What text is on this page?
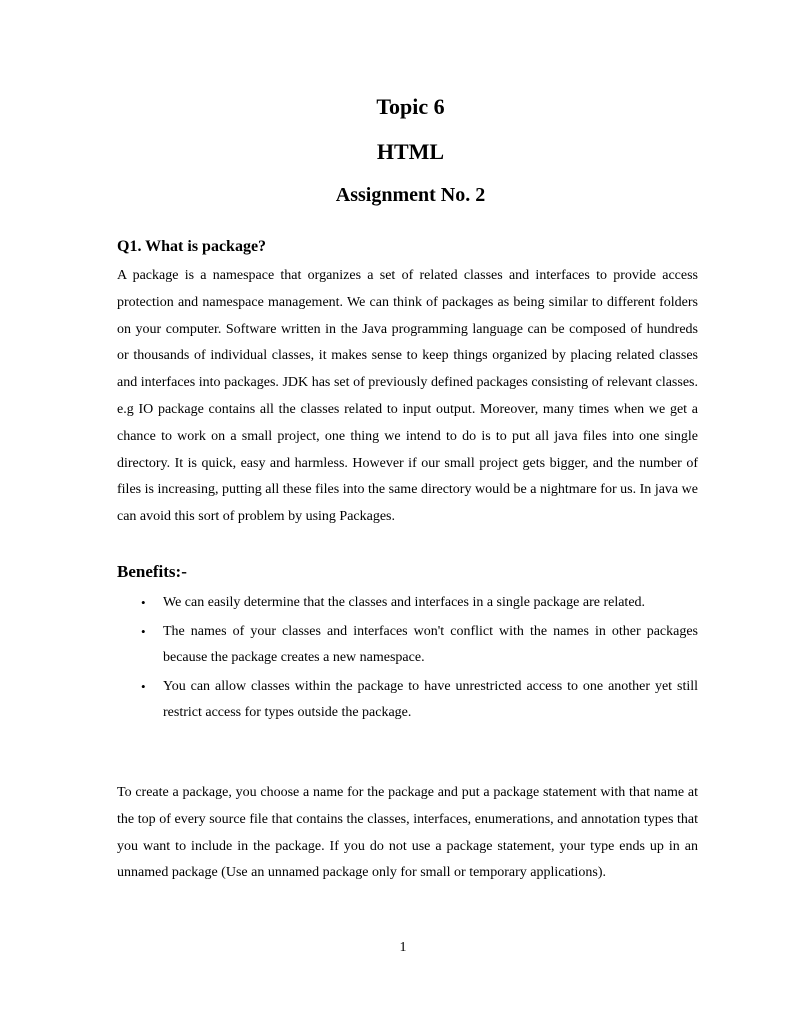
Topic 6
HTML
Assignment No. 2
Q1. What is package?

A package is a namespace that organizes a set of related classes and interfaces to provide access protection and namespace management. We can think of packages as being similar to different folders on your computer. Software written in the Java programming language can be composed of hundreds or thousands of individual classes, it makes sense to keep things organized by placing related classes and interfaces into packages. JDK has set of previously defined packages consisting of relevant classes. e.g IO package contains all the classes related to input output. Moreover, many times when we get a chance to work on a small project, one thing we intend to do is to put all java files into one single directory. It is quick, easy and harmless. However if our small project gets bigger, and the number of files is increasing, putting all these files into the same directory would be a nightmare for us. In java we can avoid this sort of problem by using Packages.

Benefits:-
• We can easily determine that the classes and interfaces in a single package are related.
• The names of your classes and interfaces won't conflict with the names in other packages because the package creates a new namespace.
• You can allow classes within the package to have unrestricted access to one another yet still restrict access for types outside the package.

To create a package, you choose a name for the package and put a package statement with that name at the top of every source file that contains the classes, interfaces, enumerations, and annotation types that you want to include in the package. If you do not use a package statement, your type ends up in an unnamed package (Use an unnamed package only for small or temporary applications).

1
